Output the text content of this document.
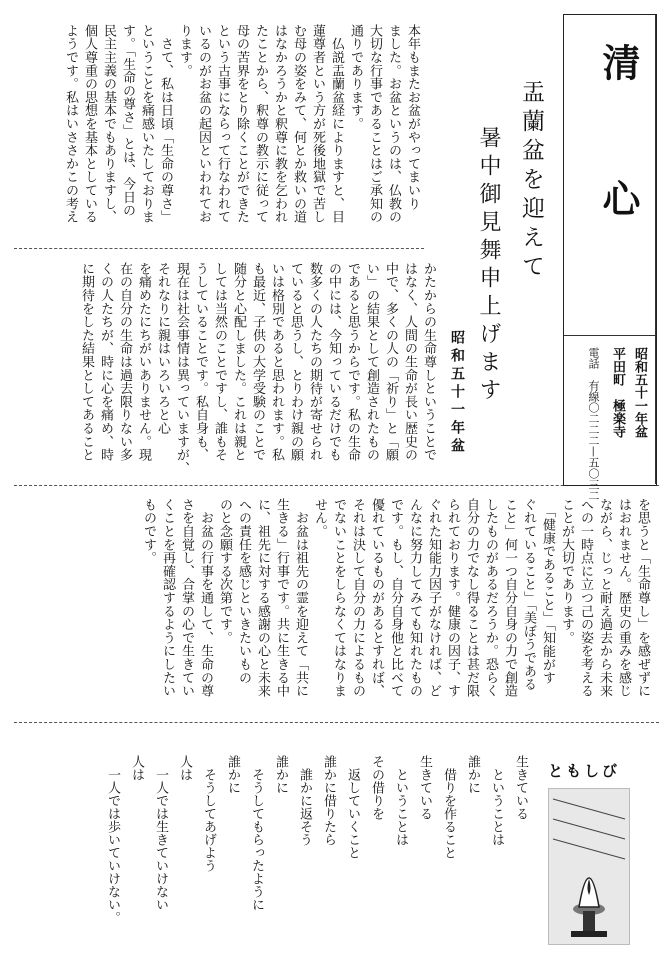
清　心
昭和五十一年盆
平田町　極楽寺
電話　有線〇二二二—五〇三二
盂蘭盆を迎えて
暑中御見舞申上げます
昭和五十一年盆
本年もまたお盆がやってまいり
ました。お盆というのは、仏教の
大切な行事であることはご承知の
通りであります。
　仏説盂蘭盆経によりますと、目
蓮尊者という方が死後地獄で苦し
む母の姿をみて、何とか救いの道
はなかろうかと釈尊に教を乞われ
たことから、釈尊の教示に従って
母の苦界をとり除くことができた
という古事にならって行なわれて
いるのがお盆の起因といわれてお
ります。
　さて、私は日頃「生命の尊さ」
ということを痛感いたしておりま
す。「生命の尊さ」とは、今日の
民主主義の基本でもありますし、
個人尊重の思想を基本としている
ようです。私はいささかこの考え
かたからの生命尊しということで
はなく、人間の生命が長い歴史の
中で、多くの人の「祈り」と「願
い」の結果として創造されたもの
であると思うからです。私の生命
の中には、今知っているだけでも
数多くの人たちの期待が寄せられ
ていると思うし、とりわけ親の願
いは格別であると思われます。私
も最近、子供の大学受験のことで
随分と心配しました。これは親と
しては当然のことですし、誰もそ
うしていることです。私自身も、
現在は社会事情は異っていますが、
それなりに親はいろいろと心
を痛めたにちがいありません。現
在の自分の生命は過去限りない多
くの人たちが、時に心を痛め、時
に期待をした結果としてあること
を思うと「生命尊し」を感ぜずに
はおれません。歴史の重みを感じ
ながら、じっと耐え過去から未来
への一時点に立つ己の姿を考える
ことが大切であります。
　「健康であること」「知能がす
ぐれていること」「美ぼうである
こと」何一つ自分自身の力で創造
したものがあるだろうか。恐らく
自分の力でなし得ることは甚だ限
られております。健康の因子、す
ぐれた知能力因子がなければ、ど
んなに努力してみても知れたもの
です。もし、自分自身他と比べて
優れているものがあるとすれば、
それは決して自分の力によるもの
でないことをしらなくてはなりま
せん。
　お盆は祖先の霊を迎えて「共に
生きる」行事です。共に生きる中
に、祖先に対する感謝の心と未来
への責任を感じといきたいもの
のと念願する次第です。
　お盆の行事を通して、生命の尊
さを自覚し、合掌の心で生きてい
くことを再確認するようにしたい
ものです。
ともしび
生きている
　ということは
誰かに
　借りを作ること
生きている
　ということは
その借りを
　返していくこと
誰かに借りたら
　誰かに返そう
誰かに
　そうしてもらったように
誰かに
　そうしてあげよう
人は
　一人では生きていけない
人は
　一人では歩いていけない。
